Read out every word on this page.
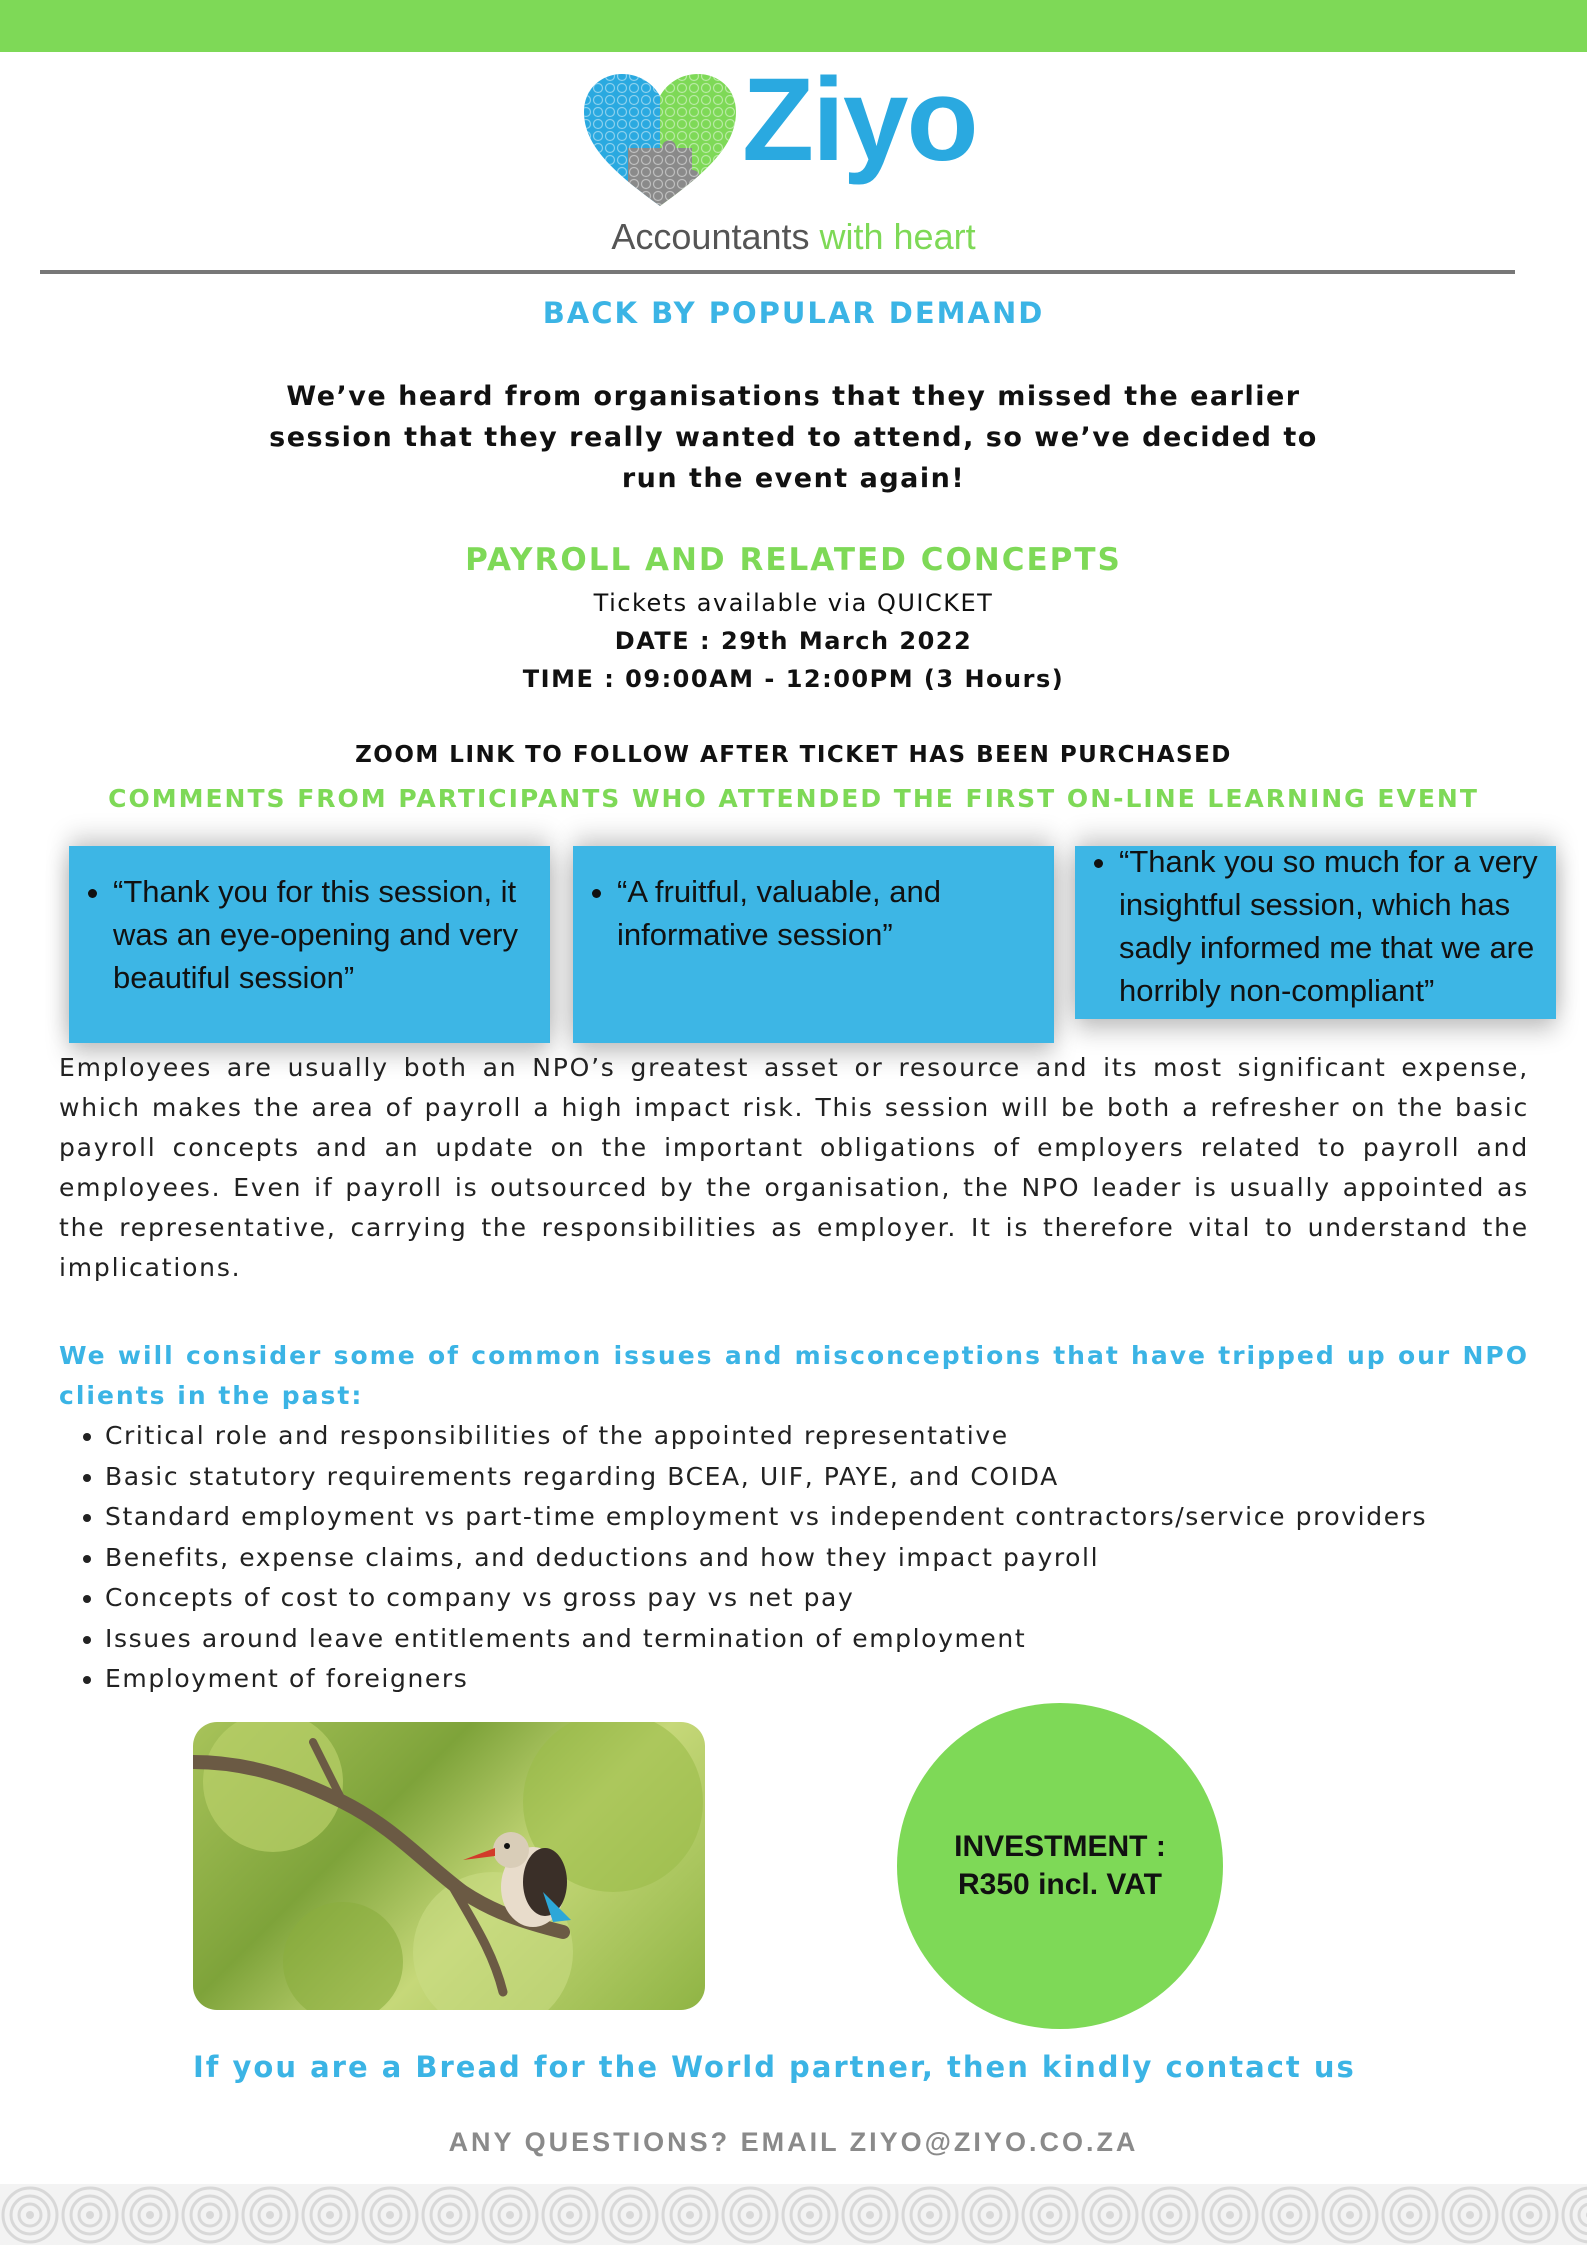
Ziyo
Accountants with heart
BACK BY POPULAR DEMAND
We’ve heard from organisations that they missed the earlier session that they really wanted to attend, so we’ve decided to run the event again!
PAYROLL AND RELATED CONCEPTS
Tickets available via QUICKET
DATE : 29th March 2022
TIME : 09:00AM - 12:00PM (3 Hours)
ZOOM LINK TO FOLLOW AFTER TICKET HAS BEEN PURCHASED
COMMENTS FROM PARTICIPANTS WHO ATTENDED THE FIRST ON-LINE LEARNING EVENT
• “Thank you for this session, it was an eye-opening and very beautiful session”
• “A fruitful, valuable, and informative session”
• “Thank you so much for a very insightful session, which has sadly informed me that we are horribly non-compliant”
Employees are usually both an NPO’s greatest asset or resource and its most significant expense, which makes the area of payroll a high impact risk. This session will be both a refresher on the basic payroll concepts and an update on the important obligations of employers related to payroll and employees. Even if payroll is outsourced by the organisation, the NPO leader is usually appointed as the representative, carrying the responsibilities as employer. It is therefore vital to understand the implications.
We will consider some of common issues and misconceptions that have tripped up our NPO clients in the past:
• Critical role and responsibilities of the appointed representative
• Basic statutory requirements regarding BCEA, UIF, PAYE, and COIDA
• Standard employment vs part-time employment vs independent contractors/service providers
• Benefits, expense claims, and deductions and how they impact payroll
• Concepts of cost to company vs gross pay vs net pay
• Issues around leave entitlements and termination of employment
• Employment of foreigners
INVESTMENT :
R350 incl. VAT
If you are a Bread for the World partner, then kindly contact us
ANY QUESTIONS? EMAIL ZIYO@ZIYO.CO.ZA
